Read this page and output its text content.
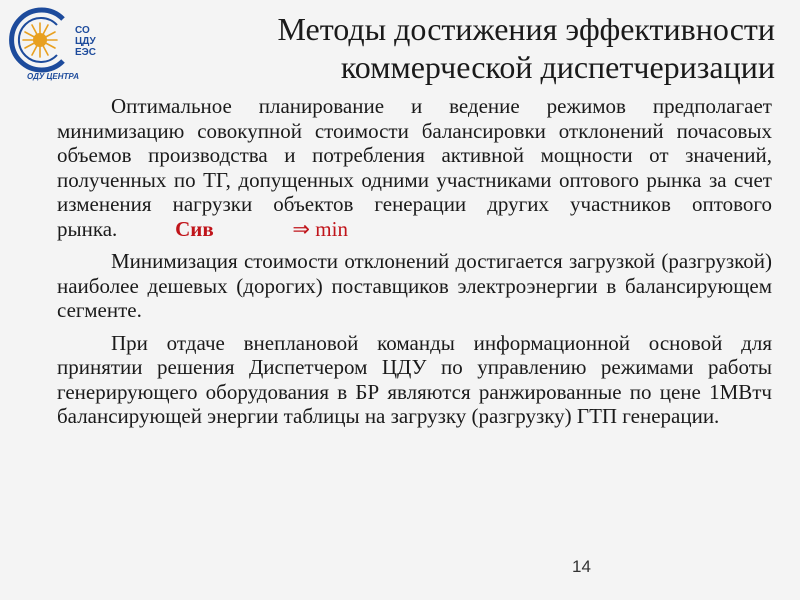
СО
ЦДУ
ЕЭС
ОДУ ЦЕНТРА
Методы достижения эффективности
коммерческой диспетчеризации

Оптимальное планирование и ведение режимов предполагает минимизацию совокупной стоимости балансировки отклонений почасовых объемов производства и потребления активной мощности от значений, полученных по ТГ, допущенных одними участниками оптового рынка за счет изменения нагрузки объектов генерации других участников оптового рынка.	Сив	⇒ min

Минимизация стоимости отклонений достигается загрузкой (разгрузкой) наиболее дешевых (дорогих) поставщиков электроэнергии в балансирующем сегменте.

При отдаче внеплановой команды информационной основой для принятии решения Диспетчером ЦДУ по управлению режимами работы генерирующего оборудования в БР являются ранжированные по цене 1МВтч балансирующей энергии таблицы на загрузку (разгрузку) ГТП генерации.

14
